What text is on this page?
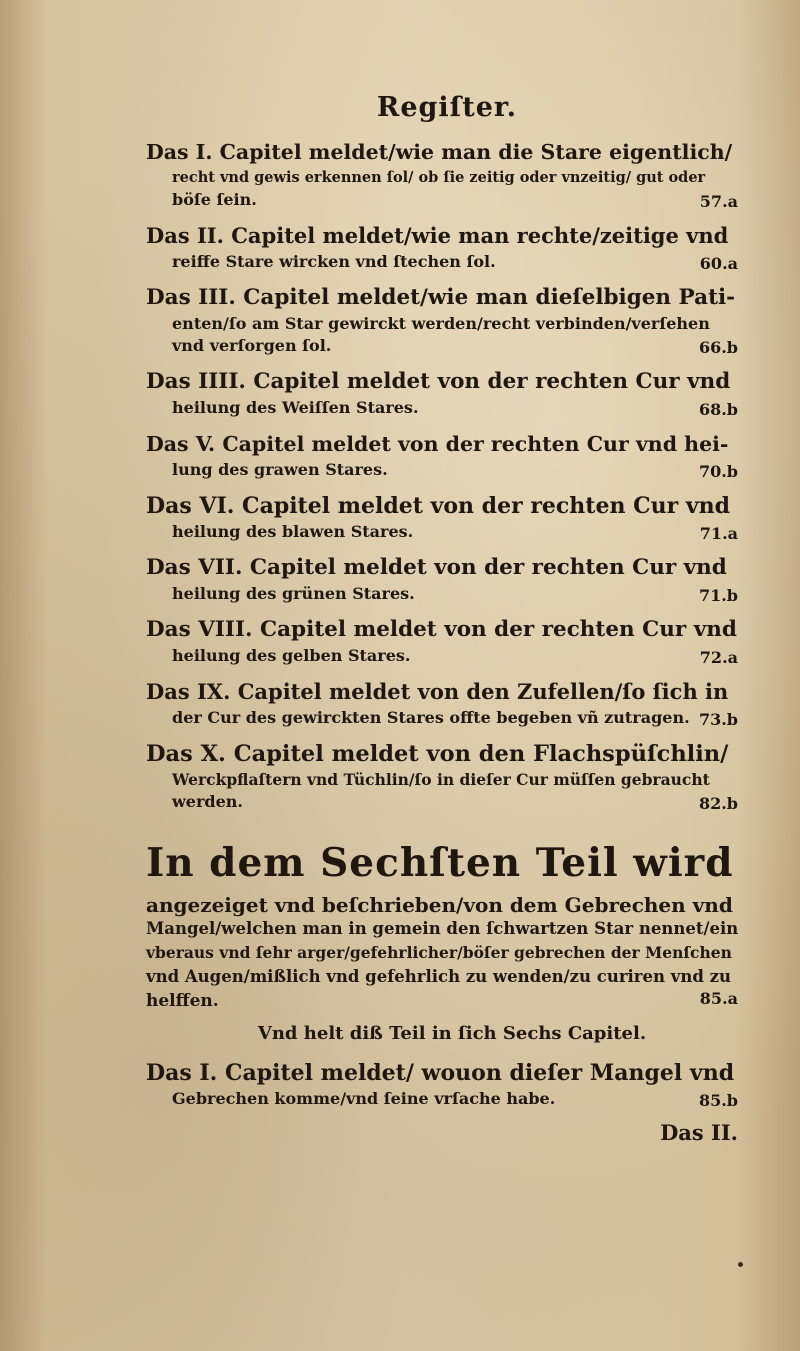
Regiſter.
Das I. Capitel meldet/wie man die Stare eigentlich/
recht vnd gewis erkennen ſol/ ob ſie zeitig oder vnzeitig/ gut oder
böſe ſein.	57.a
Das II. Capitel meldet/wie man rechte/zeitige vnd
reiffe Stare wircken vnd ſtechen ſol.	60.a
Das III. Capitel meldet/wie man dieſelbigen Pati-
enten/ſo am Star gewirckt werden/recht verbinden/verſehen
vnd verſorgen ſol.	66.b
Das IIII. Capitel meldet von der rechten Cur vnd
heilung des Weiſſen Stares.	68.b
Das V. Capitel meldet von der rechten Cur vnd hei-
lung des grawen Stares.	70.b
Das VI. Capitel meldet von der rechten Cur vnd
heilung des blawen Stares.	71.a
Das VII. Capitel meldet von der rechten Cur vnd
heilung des grünen Stares.	71.b
Das VIII. Capitel meldet von der rechten Cur vnd
heilung des gelben Stares.	72.a
Das IX. Capitel meldet von den Zufellen/ſo ſich in
der Cur des gewirckten Stares offte begeben vñ zutragen. 73.b
Das X. Capitel meldet von den Flachspüſchlin/
Werckpflaſtern vnd Tüchlin/ſo in dieſer Cur müſſen gebraucht
werden.	82.b
In dem Sechſten Teil wird
angezeiget vnd beſchrieben/von dem Gebrechen vnd
Mangel/welchen man in gemein den ſchwartzen Star nennet/ein
vberaus vnd ſehr arger/gefehrlicher/böſer gebrechen der Menſchen
vnd Augen/mißlich vnd gefehrlich zu wenden/zu curiren vnd zu
helffen.	85.a
Vnd helt diß Teil in ſich Sechs Capitel.
Das I. Capitel meldet/ wouon dieſer Mangel vnd
Gebrechen komme/vnd ſeine vrſache habe.	85.b
Das II.
